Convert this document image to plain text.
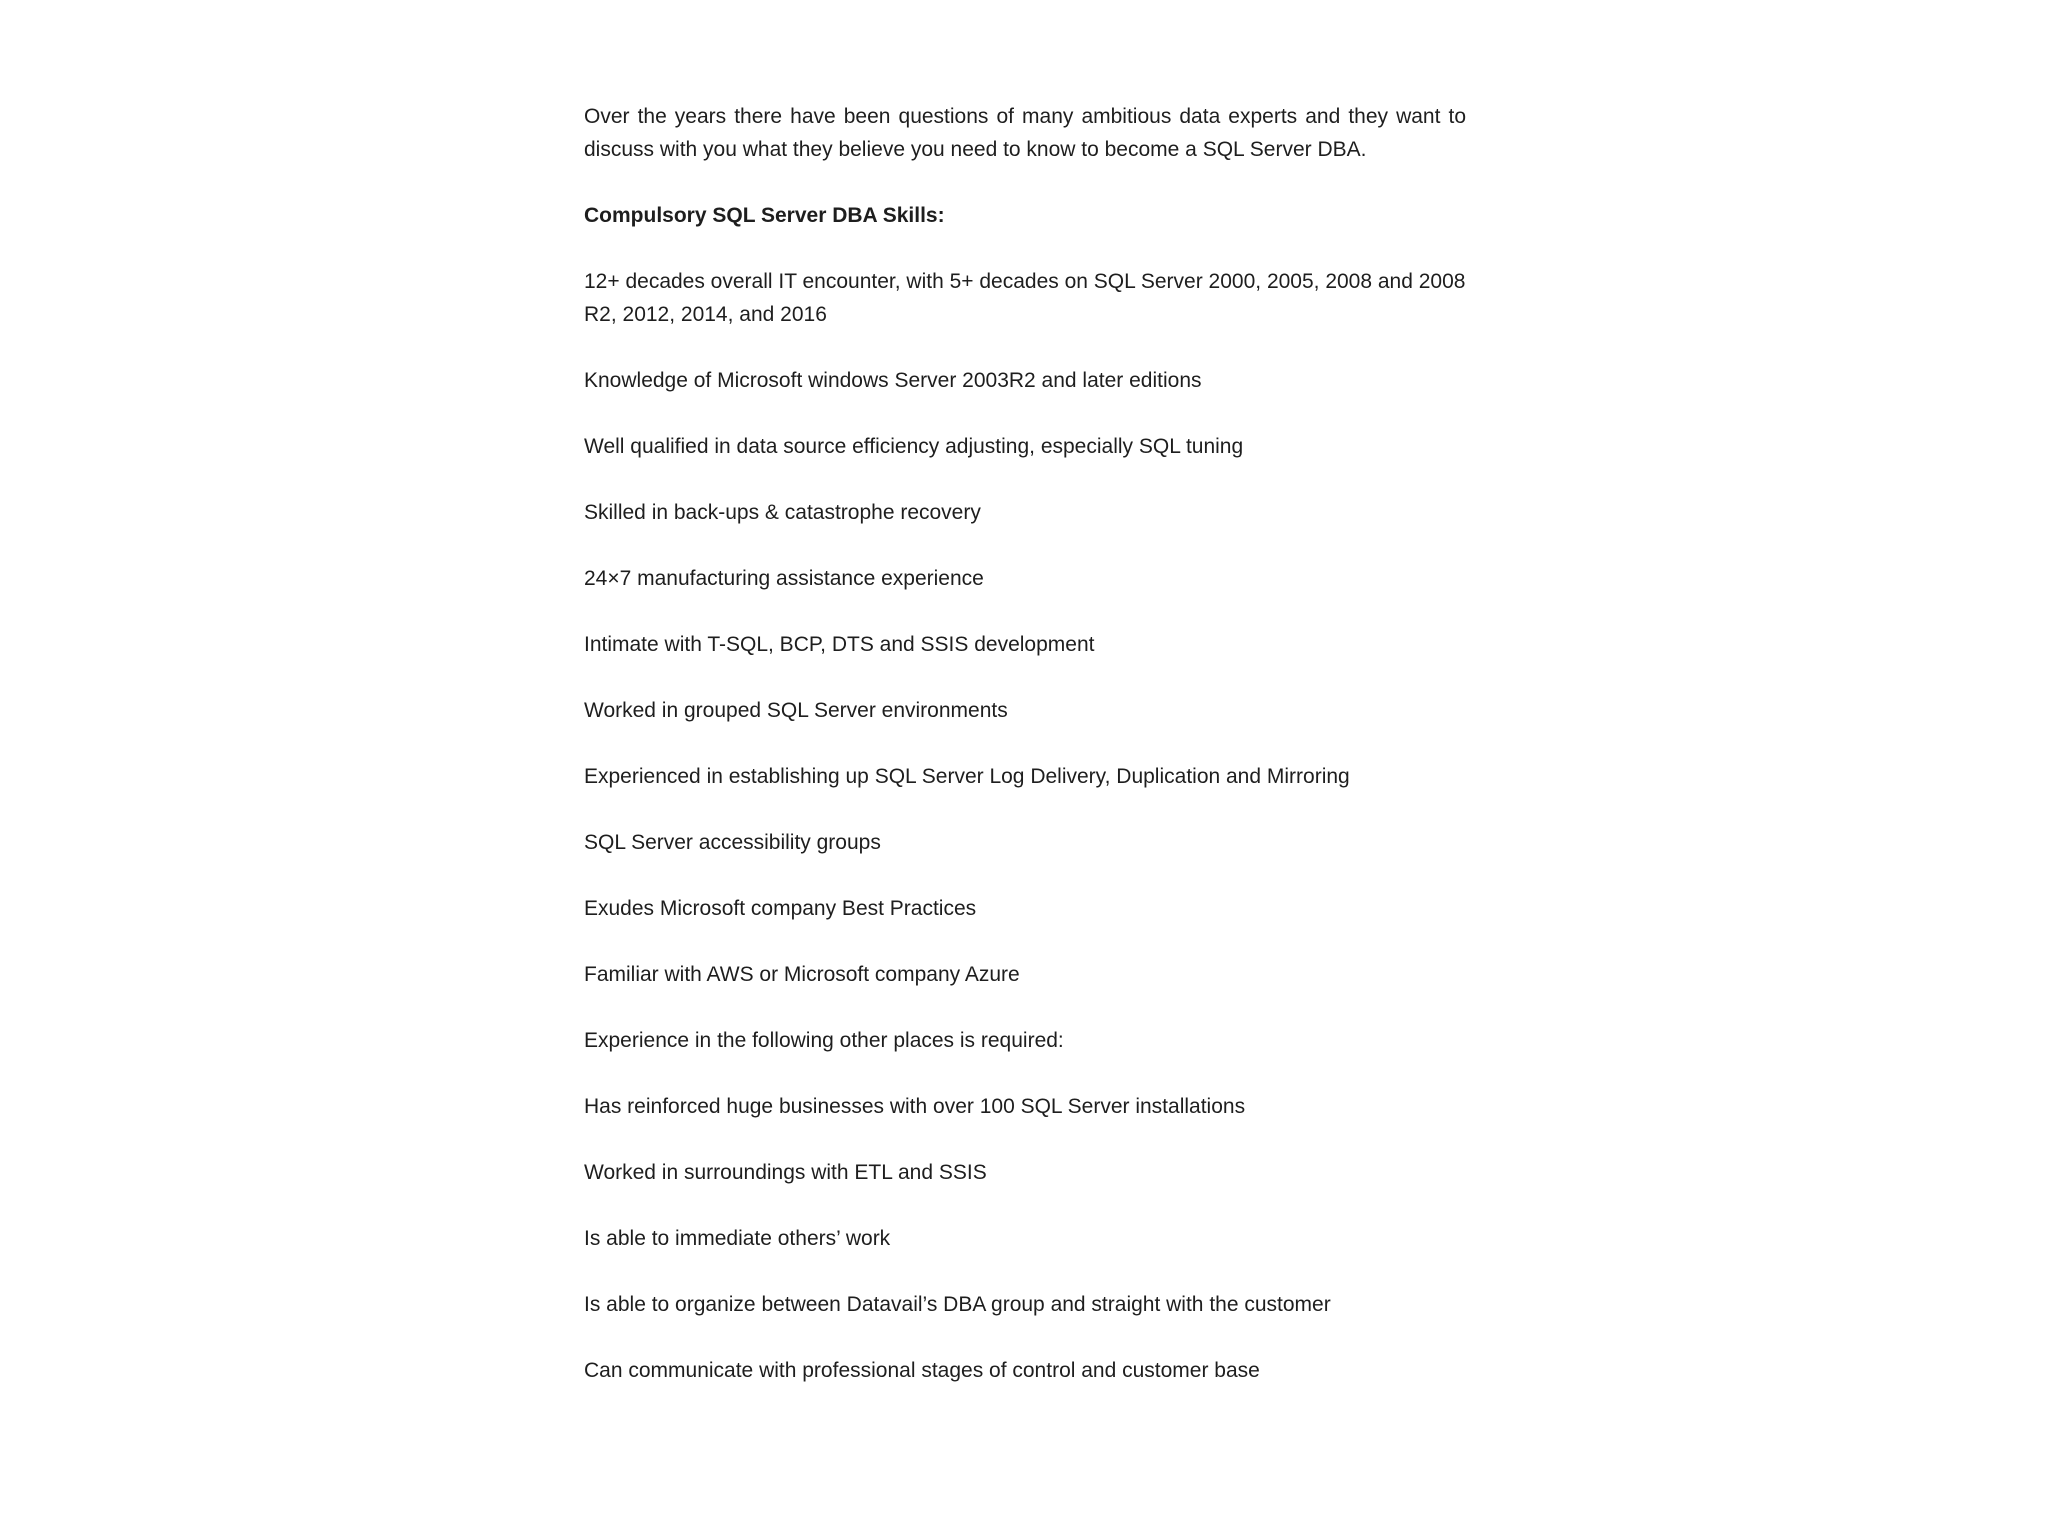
Over the years there have been questions of many ambitious data experts and they want to discuss with you what they believe you need to know to become a SQL Server DBA.

Compulsory SQL Server DBA Skills:

12+ decades overall IT encounter, with 5+ decades on SQL Server 2000, 2005, 2008 and 2008 R2, 2012, 2014, and 2016

Knowledge of Microsoft windows Server 2003R2 and later editions

Well qualified in data source efficiency adjusting, especially SQL tuning

Skilled in back-ups & catastrophe recovery

24×7 manufacturing assistance experience

Intimate with T-SQL, BCP, DTS and SSIS development

Worked in grouped SQL Server environments

Experienced in establishing up SQL Server Log Delivery, Duplication and Mirroring

SQL Server accessibility groups

Exudes Microsoft company Best Practices

Familiar with AWS or Microsoft company Azure

Experience in the following other places is required:

Has reinforced huge businesses with over 100 SQL Server installations

Worked in surroundings with ETL and SSIS

Is able to immediate others’ work

Is able to organize between Datavail’s DBA group and straight with the customer

Can communicate with professional stages of control and customer base
